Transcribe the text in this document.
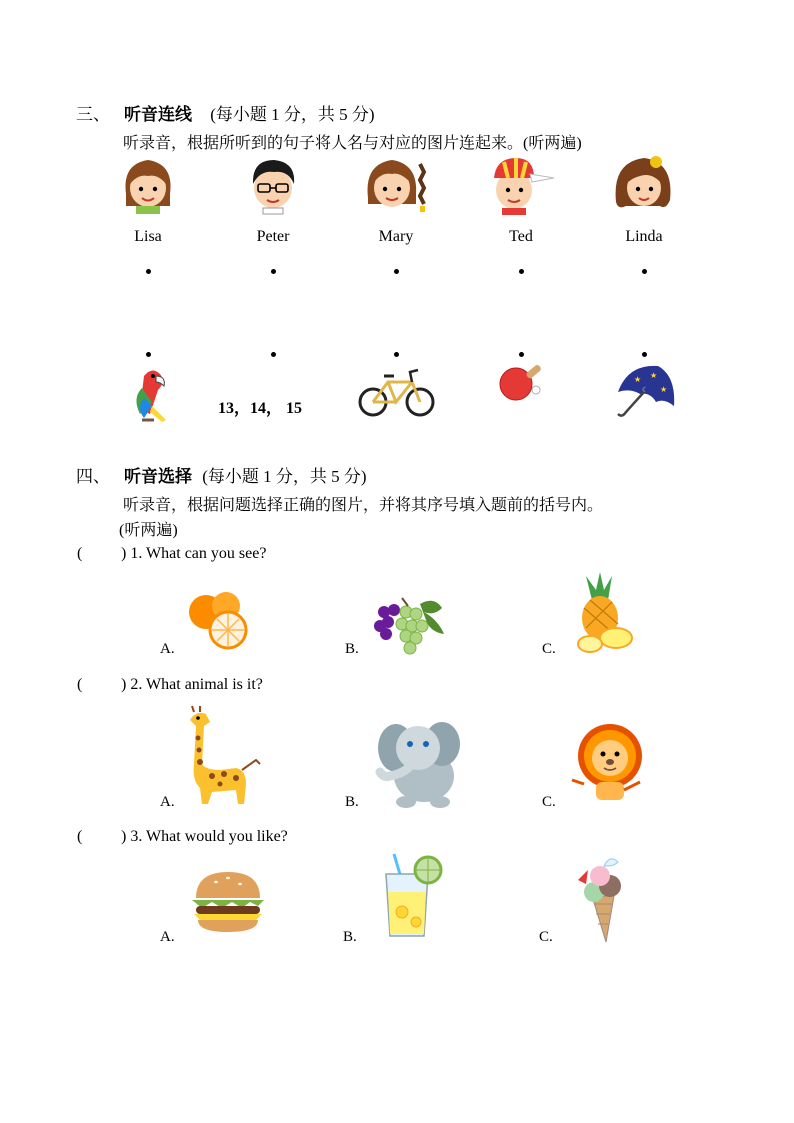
三、 听音连线 (每小题 1 分，共 5 分)
听录音，根据所听到的句子将人名与对应的图片连起来。(听两遍)
Lisa	Peter	Mary	Ted	Linda
13，14， 15
★ ★
★
☾
四、 听音选择 (每小题 1 分，共 5 分)
听录音，根据问题选择正确的图片，并将其序号填入题前的括号内。
(听两遍)
(	) 1. What can you see?
A.	B.	C.
(	) 2. What animal is it?
A.	B.	C.
(	) 3. What would you like?
A.	B.	C.
